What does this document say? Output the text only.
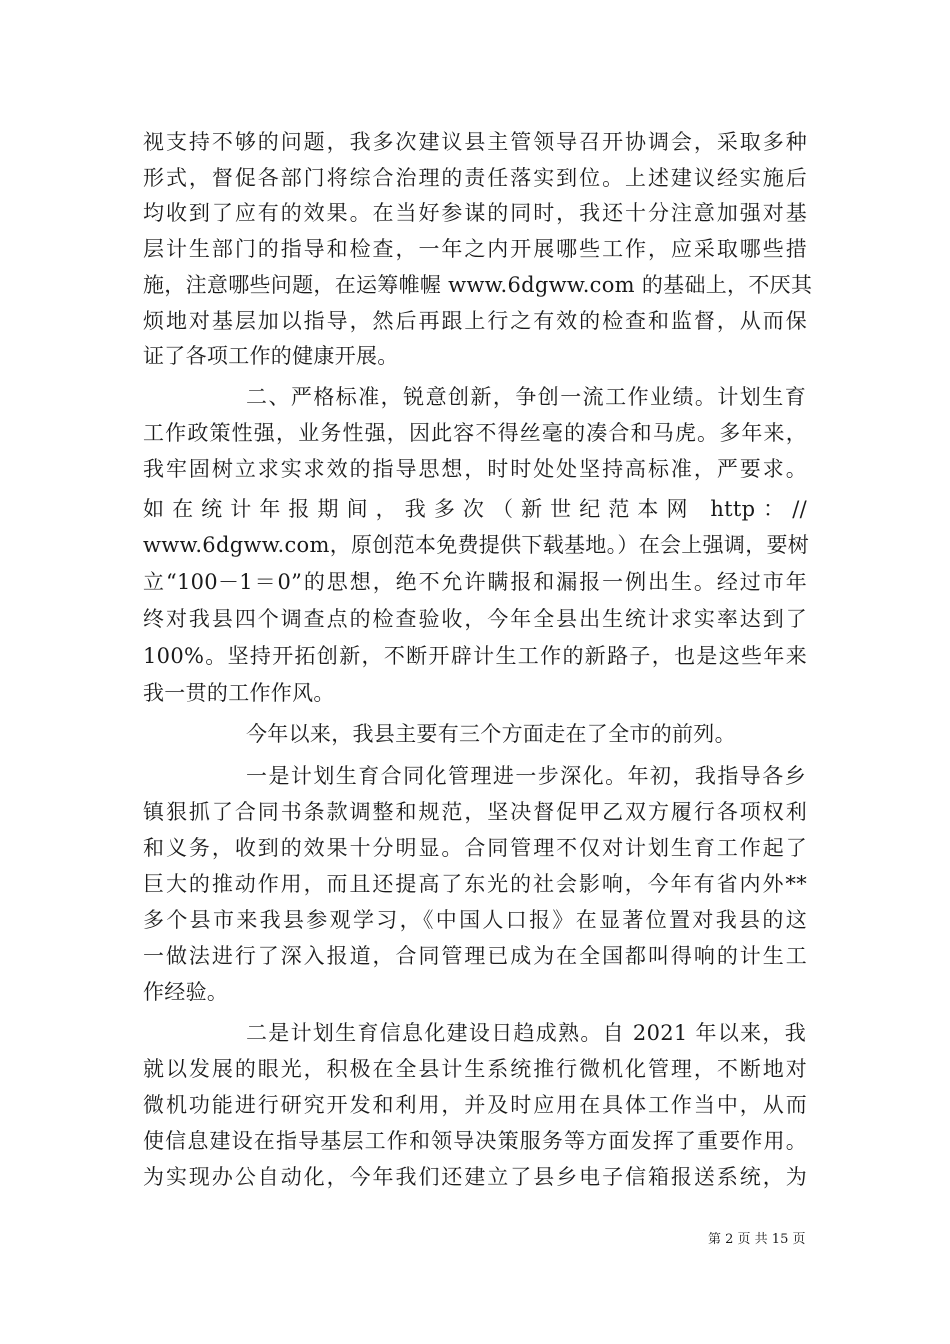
视支持不够的问题，我多次建议县主管领导召开协调会，采取多种
形式，督促各部门将综合治理的责任落实到位。上述建议经实施后
均收到了应有的效果。在当好参谋的同时，我还十分注意加强对基
层计生部门的指导和检查，一年之内开展哪些工作，应采取哪些措
施，注意哪些问题，在运筹帷幄 www.6dgww.com 的基础上，不厌其
烦地对基层加以指导，然后再跟上行之有效的检查和监督，从而保
证了各项工作的健康开展。
二、严格标准，锐意创新，争创一流工作业绩。计划生育
工作政策性强，业务性强，因此容不得丝毫的凑合和马虎。多年来，
我牢固树立求实求效的指导思想，时时处处坚持高标准，严要求。
如在统计年报期间，我多次（新世纪范本网 http：//
www.6dgww.com，原创范本免费提供下载基地。）在会上强调，要树
立“100－1＝0”的思想，绝不允许瞒报和漏报一例出生。经过市年
终对我县四个调查点的检查验收，今年全县出生统计求实率达到了
100%。坚持开拓创新，不断开辟计生工作的新路子，也是这些年来
我一贯的工作作风。
今年以来，我县主要有三个方面走在了全市的前列。
一是计划生育合同化管理进一步深化。年初，我指导各乡
镇狠抓了合同书条款调整和规范，坚决督促甲乙双方履行各项权利
和义务，收到的效果十分明显。合同管理不仅对计划生育工作起了
巨大的推动作用，而且还提高了东光的社会影响，今年有省内外**
多个县市来我县参观学习，《中国人口报》在显著位置对我县的这
一做法进行了深入报道，合同管理已成为在全国都叫得响的计生工
作经验。
二是计划生育信息化建设日趋成熟。自 2021 年以来，我
就以发展的眼光，积极在全县计生系统推行微机化管理，不断地对
微机功能进行研究开发和利用，并及时应用在具体工作当中，从而
使信息建设在指导基层工作和领导决策服务等方面发挥了重要作用。
为实现办公自动化，今年我们还建立了县乡电子信箱报送系统，为
第 2 页 共 15 页
